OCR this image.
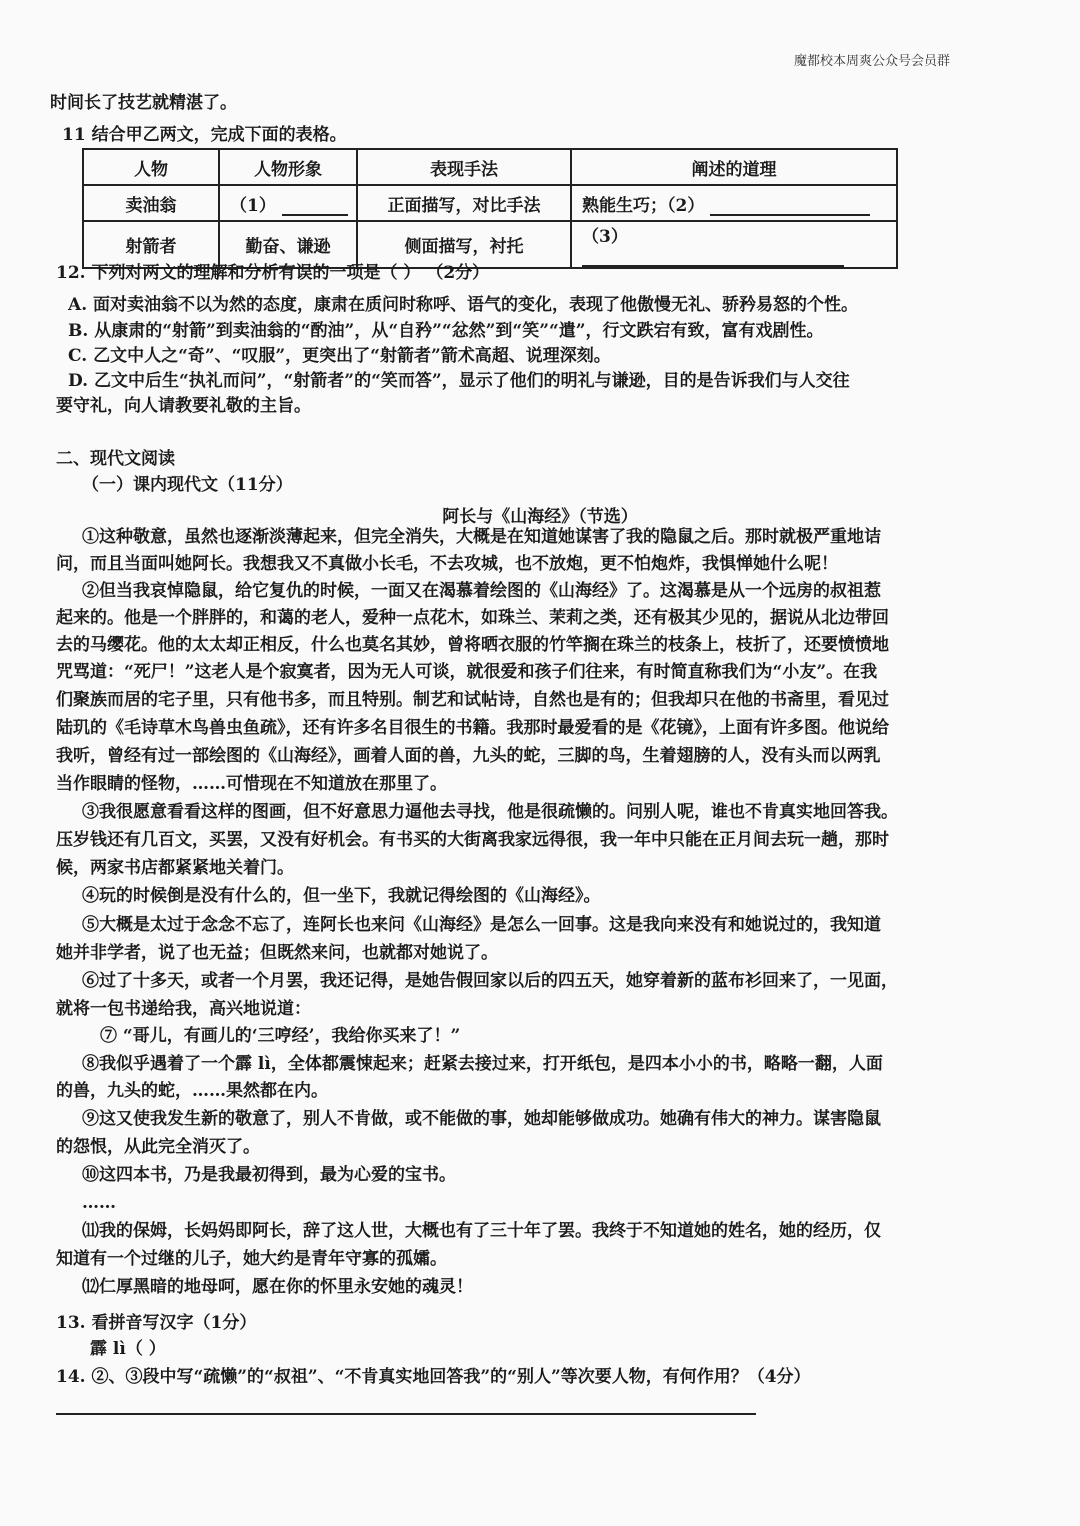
魔都校本周爽公众号会员群
时间长了技艺就精湛了。
11 结合甲乙两文，完成下面的表格。
人物	人物形象	表现手法	阐述的道理
卖油翁	（1）	正面描写，对比手法	熟能生巧；（2）
射箭者	勤奋、谦逊	侧面描写，衬托	（3）
12. 下列对两文的理解和分析有误的一项是（ ） （2分）
A. 面对卖油翁不以为然的态度，康肃在质问时称呼、语气的变化，表现了他傲慢无礼、骄矜易怒的个性。
B. 从康肃的“射箭”到卖油翁的“酌油”，从“自矜”“忿然”到“笑”“遣”，行文跌宕有致，富有戏剧性。
C. 乙文中人之“奇”、“叹服”，更突出了“射箭者”箭术高超、说理深刻。
D. 乙文中后生“执礼而问”，“射箭者”的“笑而答”，显示了他们的明礼与谦逊，目的是告诉我们与人交往
要守礼，向人请教要礼敬的主旨。
二、现代文阅读
（一）课内现代文（11分）
阿长与《山海经》（节选）
①这种敬意，虽然也逐渐淡薄起来，但完全消失，大概是在知道她谋害了我的隐鼠之后。那时就极严重地诘
问，而且当面叫她阿长。我想我又不真做小长毛，不去攻城，也不放炮，更不怕炮炸，我惧惮她什么呢！
②但当我哀悼隐鼠，给它复仇的时候，一面又在渴慕着绘图的《山海经》了。这渴慕是从一个远房的叔祖惹
起来的。他是一个胖胖的，和蔼的老人，爱种一点花木，如珠兰、茉莉之类，还有极其少见的，据说从北边带回
去的马缨花。他的太太却正相反，什么也莫名其妙，曾将晒衣服的竹竿搁在珠兰的枝条上，枝折了，还要愤愤地
咒骂道：“死尸！”这老人是个寂寞者，因为无人可谈，就很爱和孩子们往来，有时简直称我们为“小友”。在我
们聚族而居的宅子里，只有他书多，而且特别。制艺和试帖诗，自然也是有的；但我却只在他的书斋里，看见过
陆玑的《毛诗草木鸟兽虫鱼疏》，还有许多名目很生的书籍。我那时最爱看的是《花镜》，上面有许多图。他说给
我听，曾经有过一部绘图的《山海经》，画着人面的兽，九头的蛇，三脚的鸟，生着翅膀的人，没有头而以两乳
当作眼睛的怪物，……可惜现在不知道放在那里了。
③我很愿意看看这样的图画，但不好意思力逼他去寻找，他是很疏懒的。问别人呢，谁也不肯真实地回答我。
压岁钱还有几百文，买罢，又没有好机会。有书买的大街离我家远得很，我一年中只能在正月间去玩一趟，那时
候，两家书店都紧紧地关着门。
④玩的时候倒是没有什么的，但一坐下，我就记得绘图的《山海经》。
⑤大概是太过于念念不忘了，连阿长也来问《山海经》是怎么一回事。这是我向来没有和她说过的，我知道
她并非学者，说了也无益；但既然来问，也就都对她说了。
⑥过了十多天，或者一个月罢，我还记得，是她告假回家以后的四五天，她穿着新的蓝布衫回来了，一见面，
就将一包书递给我，高兴地说道：
⑦ “哥儿，有画儿的‘三哼经’，我给你买来了！”
⑧我似乎遇着了一个霹 lì，全体都震悚起来；赶紧去接过来，打开纸包，是四本小小的书，略略一翻，人面
的兽，九头的蛇，……果然都在内。
⑨这又使我发生新的敬意了，别人不肯做，或不能做的事，她却能够做成功。她确有伟大的神力。谋害隐鼠
的怨恨，从此完全消灭了。
⑩这四本书，乃是我最初得到，最为心爱的宝书。
……
⑾我的保姆，长妈妈即阿长，辞了这人世，大概也有了三十年了罢。我终于不知道她的姓名，她的经历，仅
知道有一个过继的儿子，她大约是青年守寡的孤孀。
⑿仁厚黑暗的地母呵，愿在你的怀里永安她的魂灵！
13. 看拼音写汉字（1分）
霹 lì（ ）
14. ②、③段中写“疏懒”的“叔祖”、“不肯真实地回答我”的“别人”等次要人物，有何作用？（4分）
